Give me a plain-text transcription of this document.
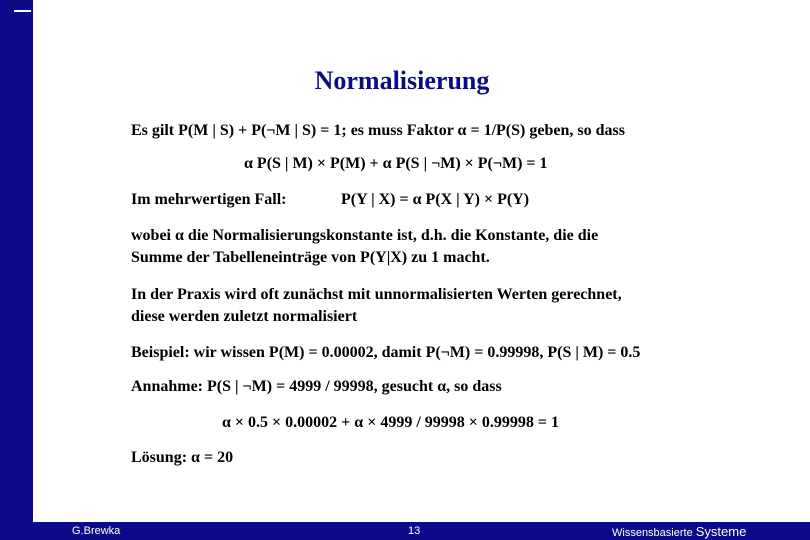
Normalisierung
Es gilt P(M | S) + P(¬M | S) = 1; es muss Faktor α = 1/P(S) geben, so dass
α P(S | M) × P(M) + α P(S | ¬M) × P(¬M) = 1
Im mehrwertigen Fall:	P(Y | X) = α P(X | Y) × P(Y)
wobei α die Normalisierungskonstante ist, d.h. die Konstante, die die
Summe der Tabelleneinträge von P(Y|X) zu 1 macht.
In der Praxis wird oft zunächst mit unnormalisierten Werten gerechnet,
diese werden zuletzt normalisiert
Beispiel: wir wissen P(M) = 0.00002, damit P(¬M) = 0.99998, P(S | M) = 0.5
Annahme: P(S | ¬M) = 4999 / 99998, gesucht α, so dass
α × 0.5 × 0.00002 + α × 4999 / 99998 × 0.99998 = 1
Lösung: α = 20
G.Brewka	13	Wissensbasierte Systeme
